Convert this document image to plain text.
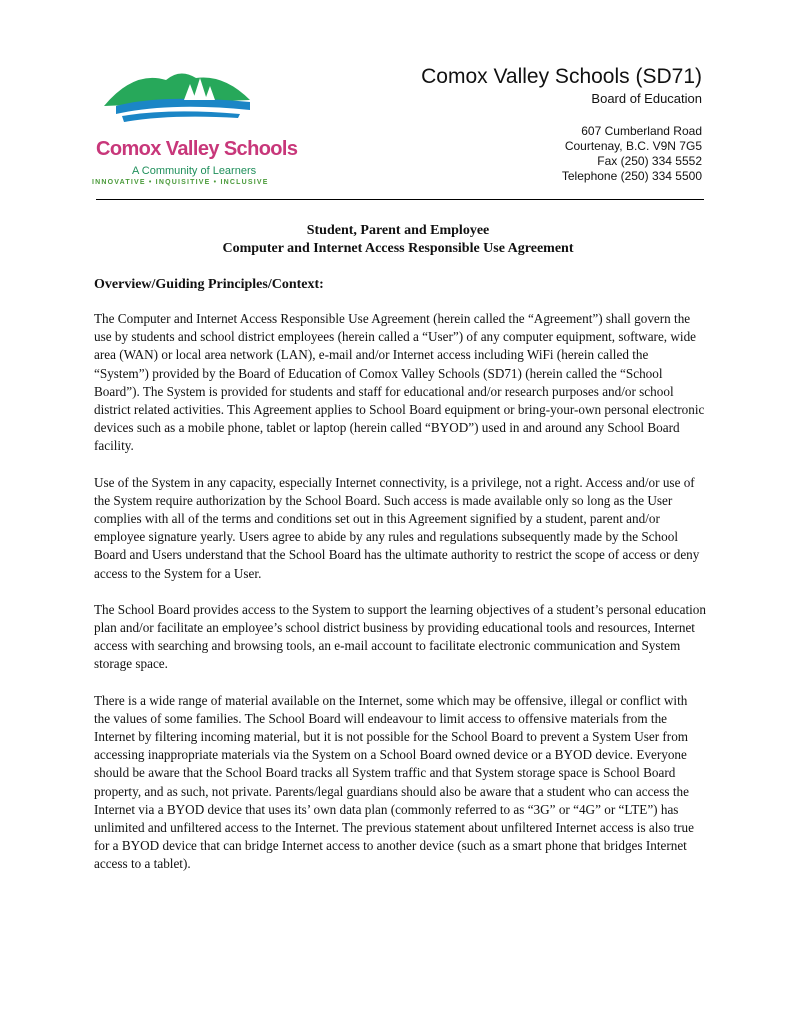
Comox Valley Schools
A Community of Learners
INNOVATIVE • INQUISITIVE • INCLUSIVE
Comox Valley Schools (SD71)
Board of Education
607 Cumberland Road
Courtenay, B.C. V9N 7G5
Fax (250) 334 5552
Telephone (250) 334 5500
Student, Parent and Employee
Computer and Internet Access Responsible Use Agreement
Overview/Guiding Principles/Context:

The Computer and Internet Access Responsible Use Agreement (herein called the “Agreement”) shall govern the use by students and school district employees (herein called a “User”) of any computer equipment, software, wide area (WAN) or local area network (LAN), e-mail and/or Internet access including WiFi (herein called the “System”) provided by the Board of Education of Comox Valley Schools (SD71) (herein called the “School Board”). The System is provided for students and staff for educational and/or research purposes and/or school district related activities. This Agreement applies to School Board equipment or bring-your-own personal electronic devices such as a mobile phone, tablet or laptop (herein called “BYOD”) used in and around any School Board facility.

Use of the System in any capacity, especially Internet connectivity, is a privilege, not a right. Access and/or use of the System require authorization by the School Board. Such access is made available only so long as the User complies with all of the terms and conditions set out in this Agreement signified by a student, parent and/or employee signature yearly. Users agree to abide by any rules and regulations subsequently made by the School Board and Users understand that the School Board has the ultimate authority to restrict the scope of access or deny access to the System for a User.

The School Board provides access to the System to support the learning objectives of a student’s personal education plan and/or facilitate an employee’s school district business by providing educational tools and resources, Internet access with searching and browsing tools, an e-mail account to facilitate electronic communication and System storage space.

There is a wide range of material available on the Internet, some which may be offensive, illegal or conflict with the values of some families. The School Board will endeavour to limit access to offensive materials from the Internet by filtering incoming material, but it is not possible for the School Board to prevent a System User from accessing inappropriate materials via the System on a School Board owned device or a BYOD device. Everyone should be aware that the School Board tracks all System traffic and that System storage space is School Board property, and as such, not private. Parents/legal guardians should also be aware that a student who can access the Internet via a BYOD device that uses its’ own data plan (commonly referred to as “3G” or “4G” or “LTE”) has unlimited and unfiltered access to the Internet. The previous statement about unfiltered Internet access is also true for a BYOD device that can bridge Internet access to another device (such as a smart phone that bridges Internet access to a tablet).
